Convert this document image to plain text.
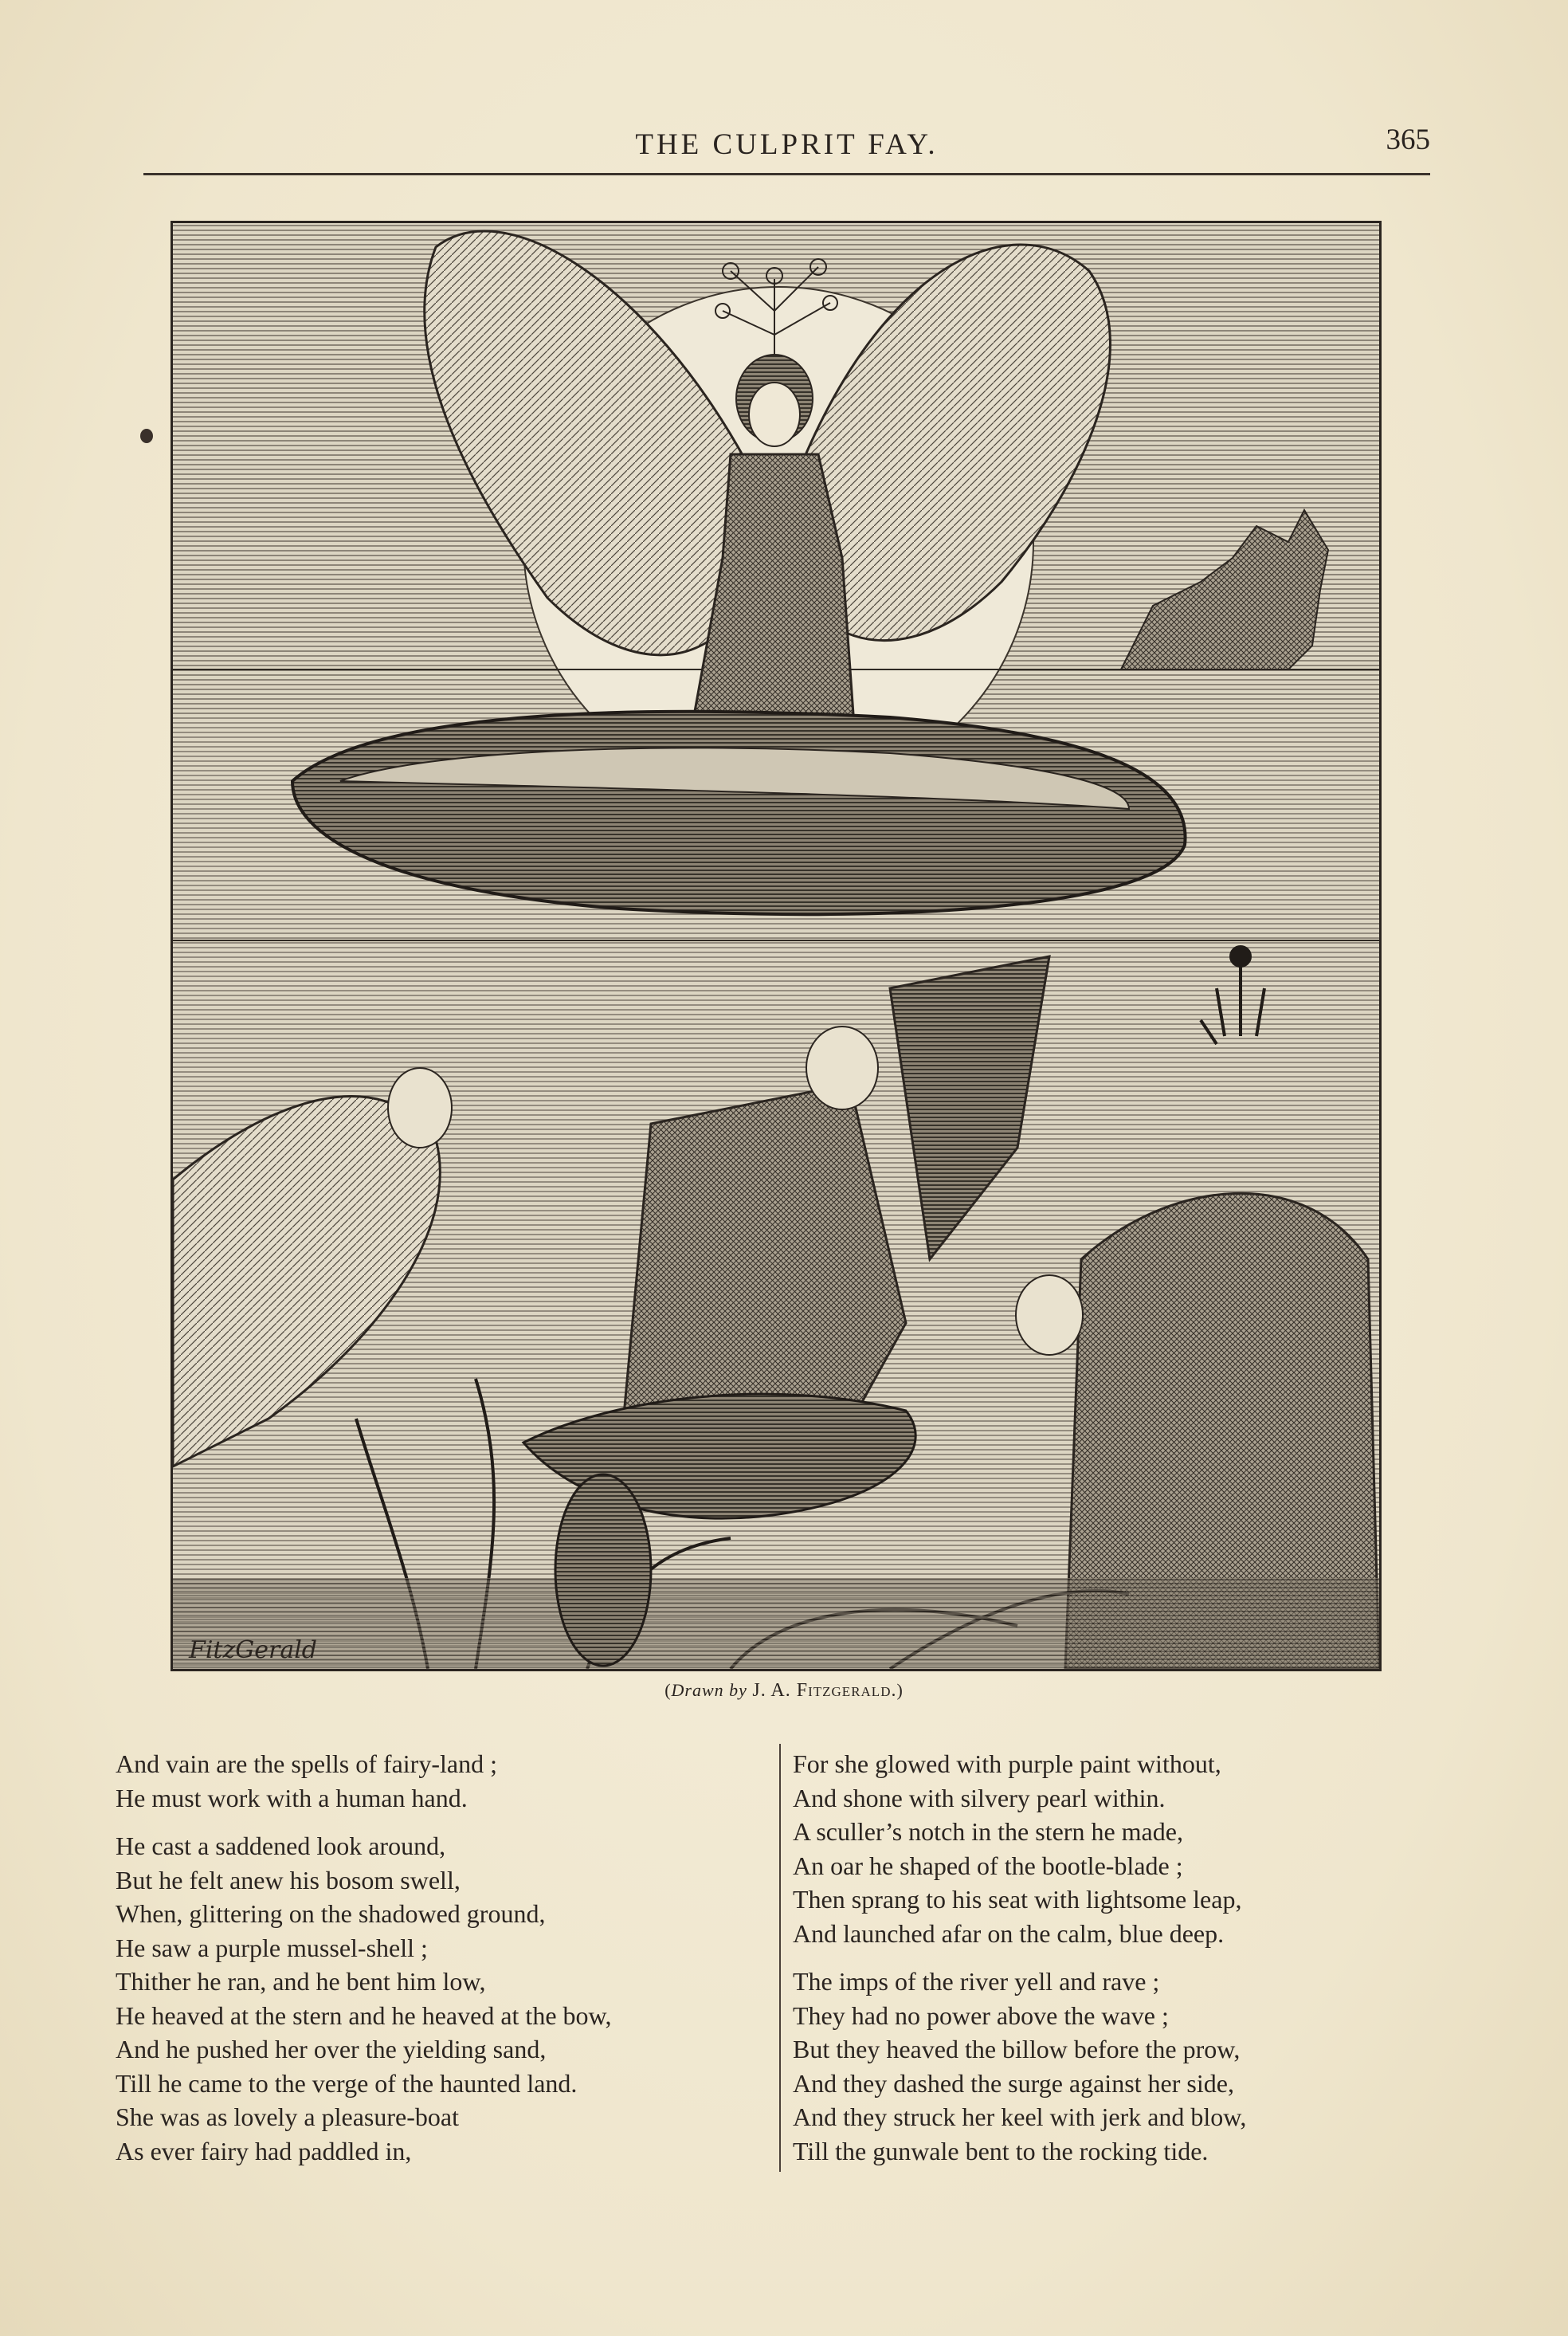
THE CULPRIT FAY.	365
FitzGerald
(Drawn by J. A. Fitzgerald.)
And vain are the spells of fairy-land ;
He must work with a human hand.
He cast a saddened look around,
But he felt anew his bosom swell,
When, glittering on the shadowed ground,
He saw a purple mussel-shell ;
Thither he ran, and he bent him low,
He heaved at the stern and he heaved at the bow,
And he pushed her over the yielding sand,
Till he came to the verge of the haunted land.
She was as lovely a pleasure-boat
As ever fairy had paddled in,
For she glowed with purple paint without,
And shone with silvery pearl within.
A sculler’s notch in the stern he made,
An oar he shaped of the bootle-blade ;
Then sprang to his seat with lightsome leap,
And launched afar on the calm, blue deep.
The imps of the river yell and rave ;
They had no power above the wave ;
But they heaved the billow before the prow,
And they dashed the surge against her side,
And they struck her keel with jerk and blow,
Till the gunwale bent to the rocking tide.
